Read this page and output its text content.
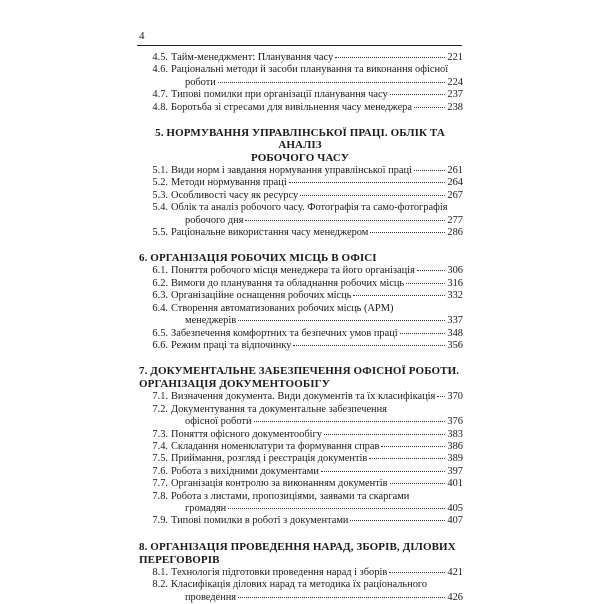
4
4.5. Тайм-менеджмент: Планування часу	221
4.6. Раціональні методи й засоби планування та виконання офісної
роботи	224
4.7. Типові помилки при організації планування часу	237
4.8. Боротьба зі стресами для вивільнення часу менеджера	238
5. НОРМУВАННЯ УПРАВЛІНСЬКОЇ ПРАЦІ. ОБЛІК ТА АНАЛІЗ
РОБОЧОГО ЧАСУ
5.1. Види норм і завдання нормування управлінської праці	261
5.2. Методи нормування праці	264
5.3. Особливості часу як ресурсу	267
5.4. Облік та аналіз робочого часу. Фотографія та само-фотографія
робочого дня	277
5.5. Раціональне використання часу менеджером	286
6. ОРГАНІЗАЦІЯ РОБОЧИХ МІСЦЬ В ОФІСІ
6.1. Поняття робочого місця менеджера та його організація	306
6.2. Вимоги до планування та обладнання робочих місць	316
6.3. Організаційне оснащення робочих місць	332
6.4. Створення автоматизованих робочих місць (АРМ)
менеджерів	337
6.5. Забезпечення комфортних та безпечних умов праці	348
6.6. Режим праці та відпочинку	356
7. ДОКУМЕНТАЛЬНЕ ЗАБЕЗПЕЧЕННЯ ОФІСНОЇ РОБОТИ.
ОРГАНІЗАЦІЯ ДОКУМЕНТООБІГУ
7.1. Визначення документа. Види документів та їх класифікація 370
7.2. Документування та документальне забезпечення
офісної роботи	376
7.3. Поняття офісного документообігу	383
7.4. Складання номенклатури та формування справ	386
7.5. Приймання, розгляд і реєстрація документів	389
7.6. Робота з вихідними документами	397
7.7. Організація контролю за виконанням документів	401
7.8. Робота з листами, пропозиціями, заявами та скаргами
громадян	405
7.9. Типові помилки в роботі з документами	407
8. ОРГАНІЗАЦІЯ ПРОВЕДЕННЯ НАРАД, ЗБОРІВ, ДІЛОВИХ
ПЕРЕГОВОРІВ
8.1. Технологія підготовки проведення нарад і зборів	421
8.2. Класифікація ділових нарад та методика їх раціонального
проведення	426
